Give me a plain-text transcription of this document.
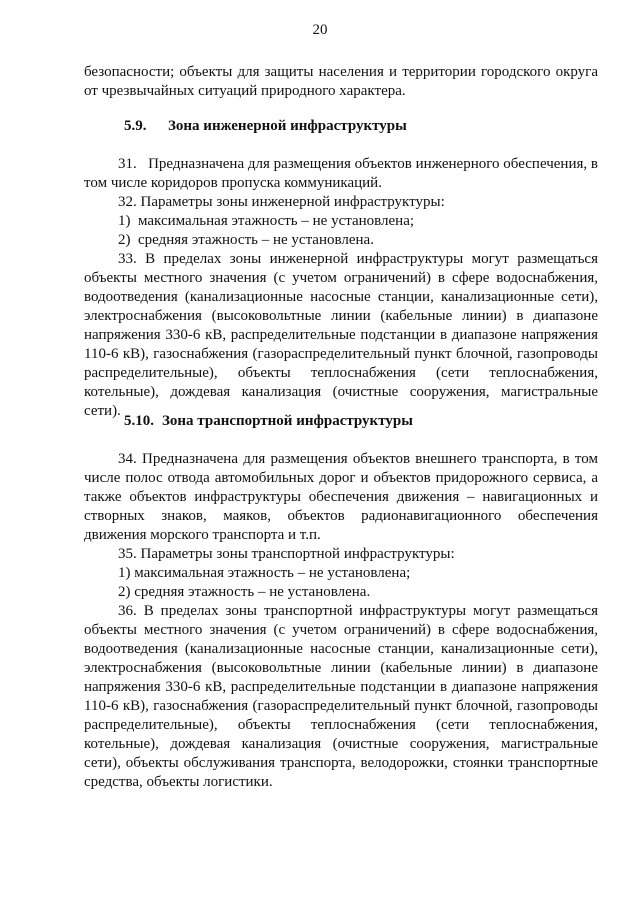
20

безопасности; объекты для защиты населения и территории городского округа от чрезвычайных ситуаций природного характера.

5.9. Зона инженерной инфраструктуры

31.   Предназначена для размещения объектов инженерного обеспечения, в том числе коридоров пропуска коммуникаций.

32. Параметры зоны инженерной инфраструктуры:

1)  максимальная этажность – не установлена;

2)  средняя этажность – не установлена.

33. В пределах зоны инженерной инфраструктуры могут размещаться объекты местного значения (с учетом ограничений) в сфере водоснабжения, водоотведения (канализационные насосные станции, канализационные сети), электроснабжения (высоковольтные линии (кабельные линии) в диапазоне напряжения 330-6 кВ, распределительные подстанции в диапазоне напряжения 110-6 кВ), газоснабжения (газораспределительный пункт блочной, газопроводы распределительные), объекты теплоснабжения (сети теплоснабжения, котельные), дождевая канализация (очистные сооружения, магистральные сети).

5.10. Зона транспортной инфраструктуры

34. Предназначена для размещения объектов внешнего транспорта, в том числе полос отвода автомобильных дорог и объектов придорожного сервиса, а также объектов инфраструктуры обеспечения движения – навигационных и створных знаков, маяков, объектов радионавигационного обеспечения движения морского транспорта и т.п.

35. Параметры зоны транспортной инфраструктуры:

1) максимальная этажность – не установлена;

2) средняя этажность – не установлена.

36. В пределах зоны транспортной инфраструктуры могут размещаться объекты местного значения (с учетом ограничений) в сфере водоснабжения, водоотведения (канализационные насосные станции, канализационные сети), электроснабжения (высоковольтные линии (кабельные линии) в диапазоне напряжения 330-6 кВ, распределительные подстанции в диапазоне напряжения 110-6 кВ), газоснабжения (газораспределительный пункт блочной, газопроводы распределительные), объекты теплоснабжения (сети теплоснабжения, котельные), дождевая канализация (очистные сооружения, магистральные сети), объекты обслуживания транспорта, велодорожки, стоянки транспортные средства, объекты логистики.
